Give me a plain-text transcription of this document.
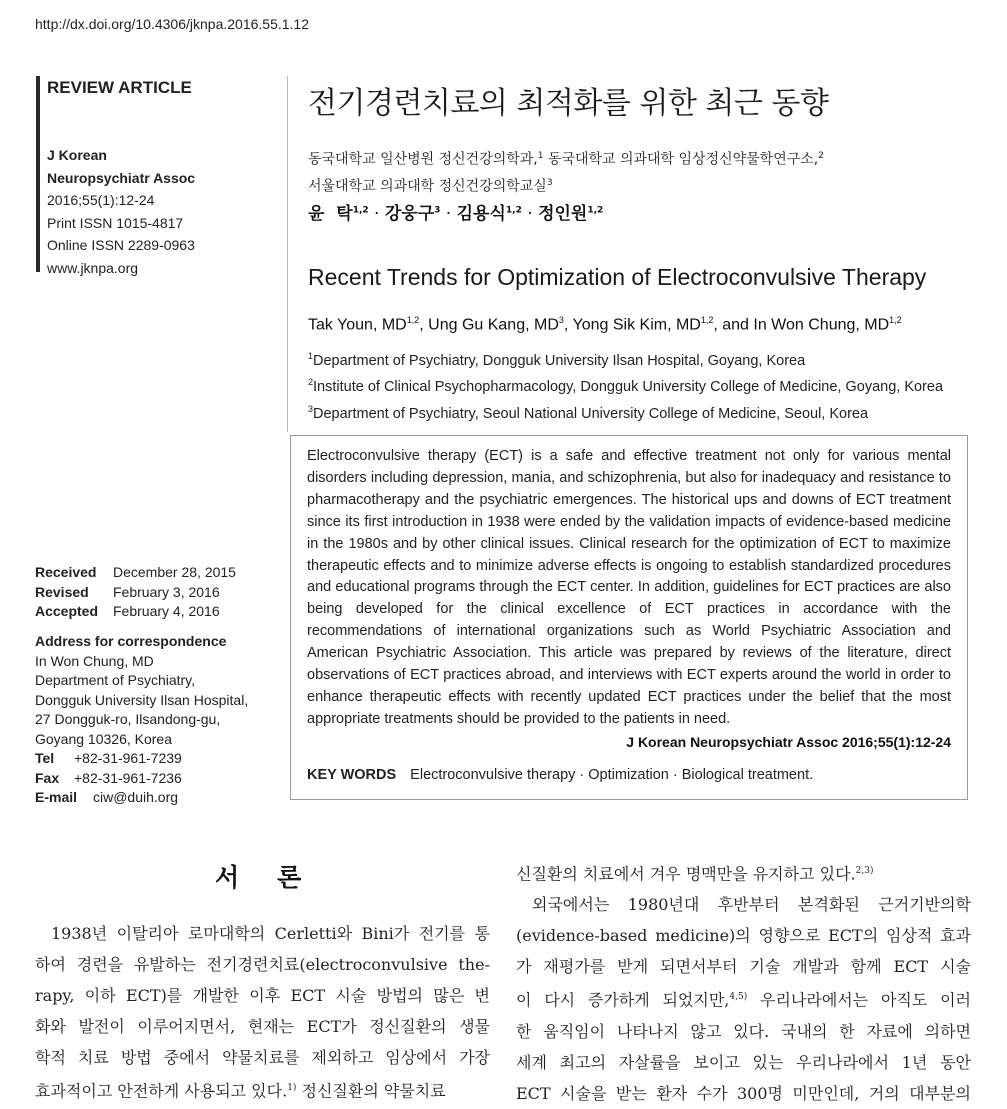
http://dx.doi.org/10.4306/jknpa.2016.55.1.12
REVIEW ARTICLE
J Korean
Neuropsychiatr Assoc
2016;55(1):12-24
Print ISSN 1015-4817
Online ISSN 2289-0963
www.jknpa.org
전기경련치료의 최적화를 위한 최근 동향
동국대학교 일산병원 정신건강의학과,$^1$ 동국대학교 의과대학 임상정신약물학연구소,$^2$
서울대학교 의과대학 정신건강의학교실$^3$
윤  탁$^{1,2}$ · 강웅구$^3$ · 김용식$^{1,2}$ · 정인원$^{1,2}$
Recent Trends for Optimization of Electroconvulsive Therapy
Tak Youn, MD$^{1,2}$, Ung Gu Kang, $MD^3$, Yong Sik Kim, MD$^{1,2}$, and In Won Chung, MD$^{1,2}$
$^1$Department of Psychiatry, Dongguk University Ilsan Hospital, Goyang, Korea
$^2$Institute of Clinical Psychopharmacology, Dongguk University College of Medicine, Goyang, Korea
$^3$Department of Psychiatry, Seoul National University College of Medicine, Seoul, Korea

Electroconvulsive therapy (ECT) is a safe and effective treatment not only for various mental disorders including depression, mania, and schizophrenia, but also for inadequacy and resistance to pharmacotherapy and the psychiatric emergences. The historical ups and downs of ECT treatment since its first introduction in 1938 were ended by the validation impacts of evidence-based medicine in the 1980s and by other clinical issues. Clinical research for the optimization of ECT to maximize therapeutic effects and to minimize adverse effects is ongoing to establish standardized procedures and educational programs through the ECT center. In addition, guidelines for ECT practices are also being developed for the clinical excellence of ECT practices in accordance with the recommendations of international organizations such as World Psychiatric Association and American Psychiatric Association. This article was prepared by reviews of the literature, direct observations of ECT practices abroad, and interviews with ECT experts around the world in order to enhance therapeutic effects with recently updated ECT practices under the belief that the most appropriate treatments should be provided to the patients in need.

J Korean Neuropsychiatr Assoc 2016;55(1):12-24
KEY WORDS Electroconvulsive therapy · Optimization · Biological treatment.
Received	December 28, 2015
Revised	February 3, 2016
Accepted	February 4, 2016
Address for correspondence
In Won Chung, MD
Department of Psychiatry,
Dongguk University Ilsan Hospital,
27 Dongguk-ro, Ilsandong-gu,
Goyang 10326, Korea
Tel	+82-31-961-7239
Fax	+82-31-961-7236
E-mail	ciw@duih.org
서론

1938년 이탈리아 로마대학의 Cerletti와 Bini가 전기를 통
하여 경련을 유발하는 전기경련치료(electroconvulsive the-
rapy, 이하 ECT)를 개발한 이후 ECT 시술 방법의 많은 변
화와 발전이 이루어지면서, 현재는 ECT가 정신질환의 생물
학적 치료 방법 중에서 약물치료를 제외하고 임상에서 가장
효과적이고 안전하게 사용되고 있다.$^{1)}$ 정신질환의 약물치료

신질환의 치료에서 겨우 명맥만을 유지하고 있다.$^{2,3)}$
외국에서는 1980년대 후반부터 본격화된 근거기반의학
(evidence-based medicine)의 영향으로 ECT의 임상적 효과
가 재평가를 받게 되면서부터 기술 개발과 함께 ECT 시술
이 다시 증가하게 되었지만,$^{4,5)}$ 우리나라에서는 아직도 이러
한 움직임이 나타나지 않고 있다. 국내의 한 자료에 의하면
세계 최고의 자살률을 보이고 있는 우리나라에서 1년 동안
ECT 시술을 받는 환자 수가 300명 미만인데, 거의 대부분의
